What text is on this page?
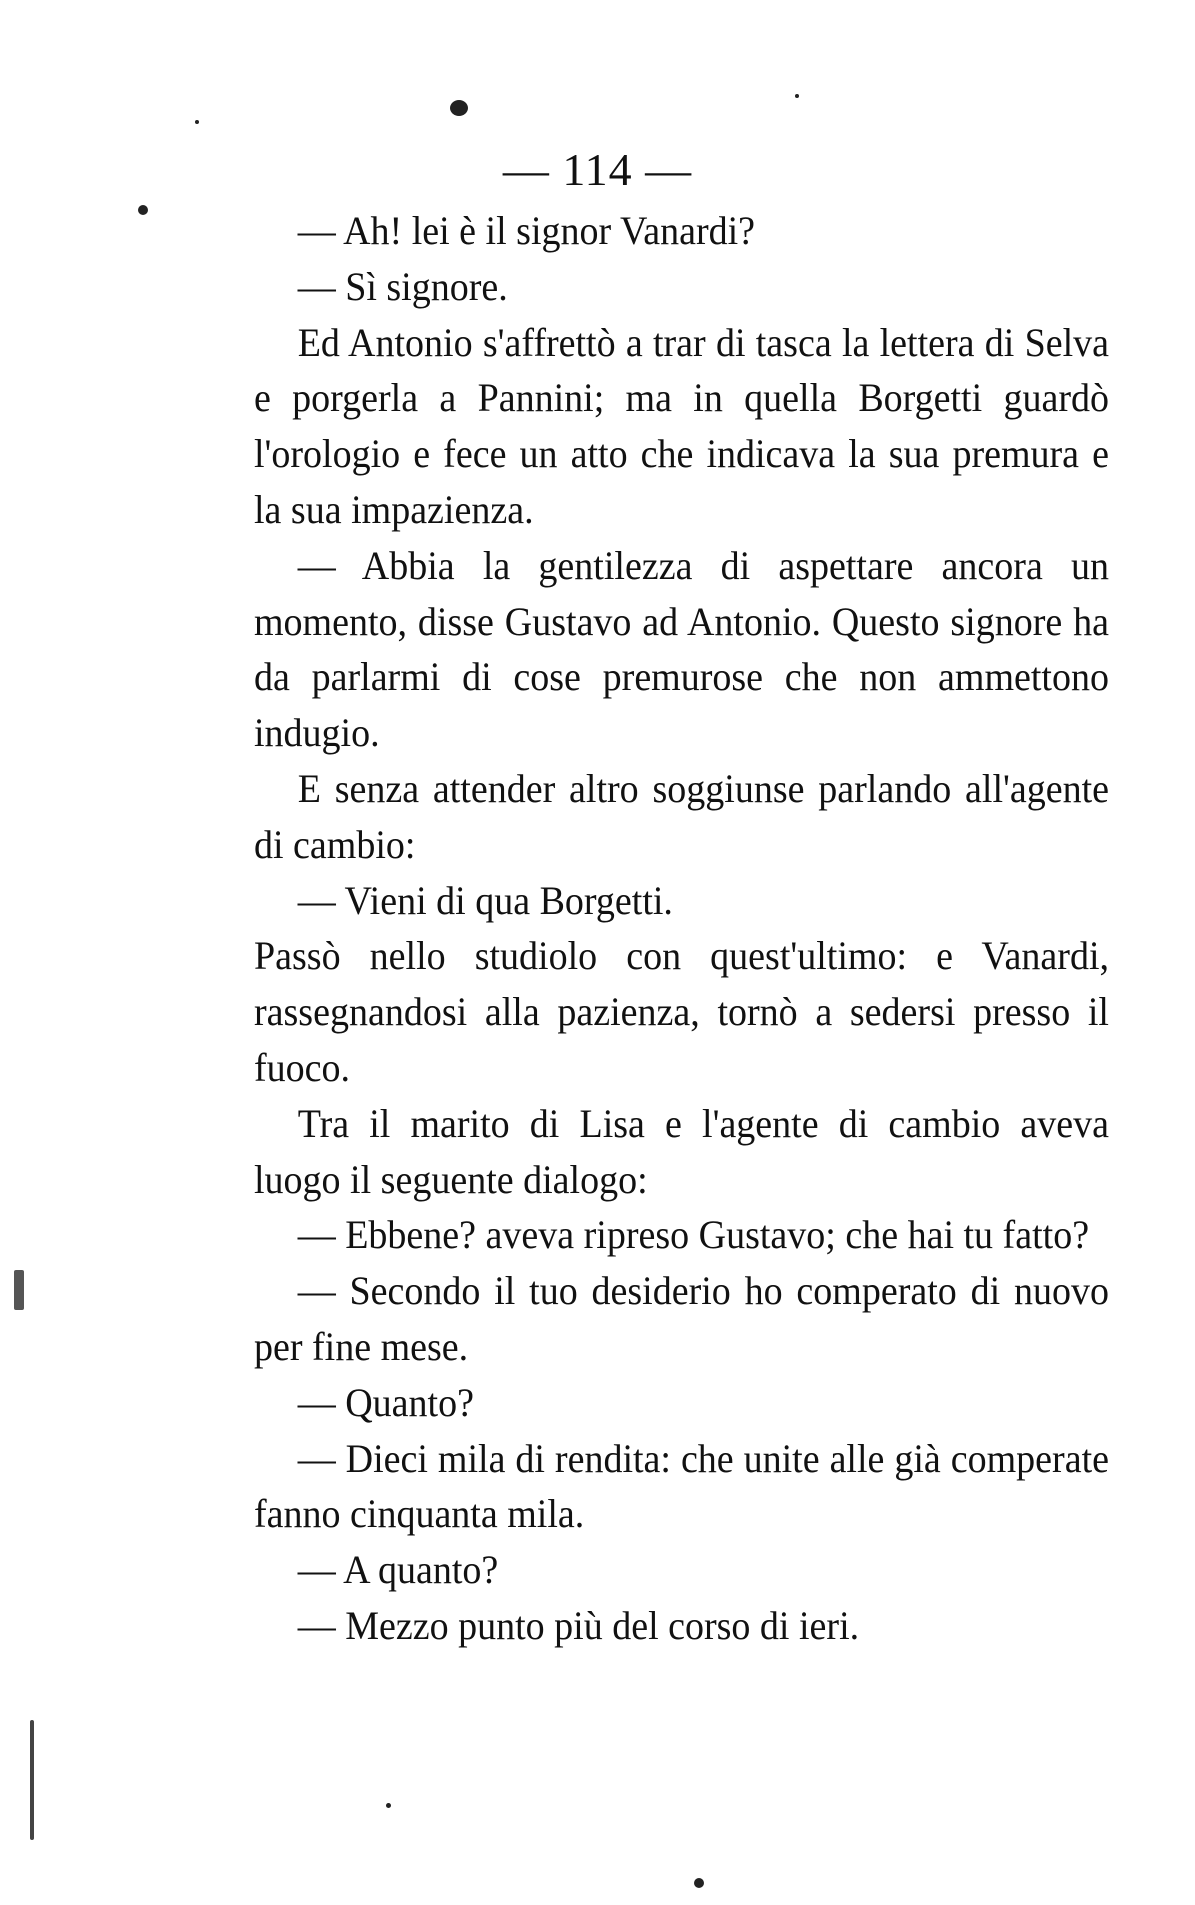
— 114 —

— Ah! lei è il signor Vanardi?

— Sì signore.

Ed Antonio s'affrettò a trar di tasca la lettera di Selva e porgerla a Pannini; ma in quella Borgetti guardò l'orologio e fece un atto che indicava la sua premura e la sua impazienza.

— Abbia la gentilezza di aspettare ancora un momento, disse Gustavo ad Antonio. Questo signore ha da parlarmi di cose premurose che non ammettono indugio.

E senza attender altro soggiunse parlando all'agente di cambio:

— Vieni di qua Borgetti.

Passò nello studiolo con quest'ultimo: e Vanardi, rassegnandosi alla pazienza, tornò a sedersi presso il fuoco.

Tra il marito di Lisa e l'agente di cambio aveva luogo il seguente dialogo:

— Ebbene? aveva ripreso Gustavo; che hai tu fatto?

— Secondo il tuo desiderio ho comperato di nuovo per fine mese.

— Quanto?

— Dieci mila di rendita: che unite alle già comperate fanno cinquanta mila.

— A quanto?

— Mezzo punto più del corso di ieri.
